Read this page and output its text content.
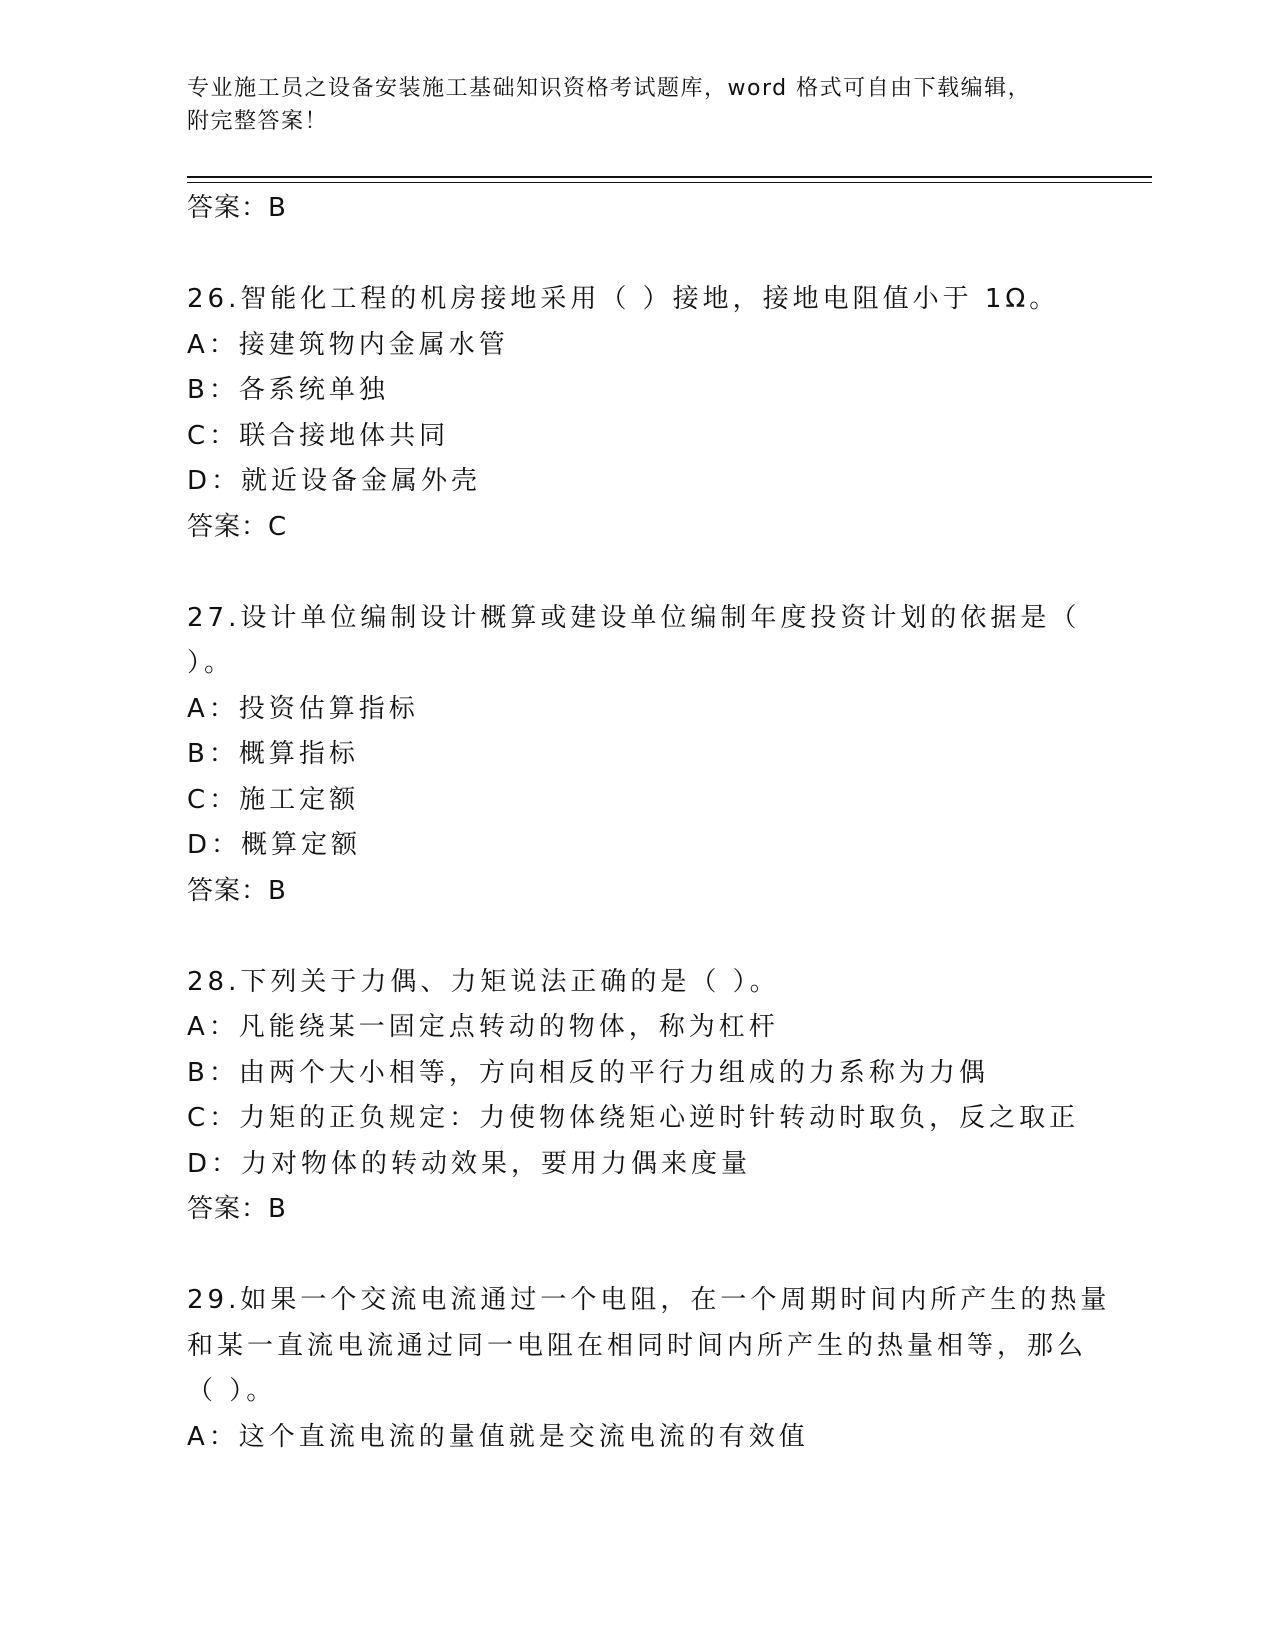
专业施工员之设备安装施工基础知识资格考试题库，word 格式可自由下载编辑，
附完整答案！
答案：B
26.智能化工程的机房接地采用（ ）接地，接地电阻值小于 1Ω。
A：接建筑物内金属水管
B：各系统单独
C：联合接地体共同
D：就近设备金属外壳
答案：C
27.设计单位编制设计概算或建设单位编制年度投资计划的依据是（
）。
A：投资估算指标
B：概算指标
C：施工定额
D：概算定额
答案：B
28.下列关于力偶、力矩说法正确的是（ ）。
A：凡能绕某一固定点转动的物体，称为杠杆
B：由两个大小相等，方向相反的平行力组成的力系称为力偶
C：力矩的正负规定：力使物体绕矩心逆时针转动时取负，反之取正
D：力对物体的转动效果，要用力偶来度量
答案：B
29.如果一个交流电流通过一个电阻，在一个周期时间内所产生的热量
和某一直流电流通过同一电阻在相同时间内所产生的热量相等，那么
（ ）。
A：这个直流电流的量值就是交流电流的有效值
